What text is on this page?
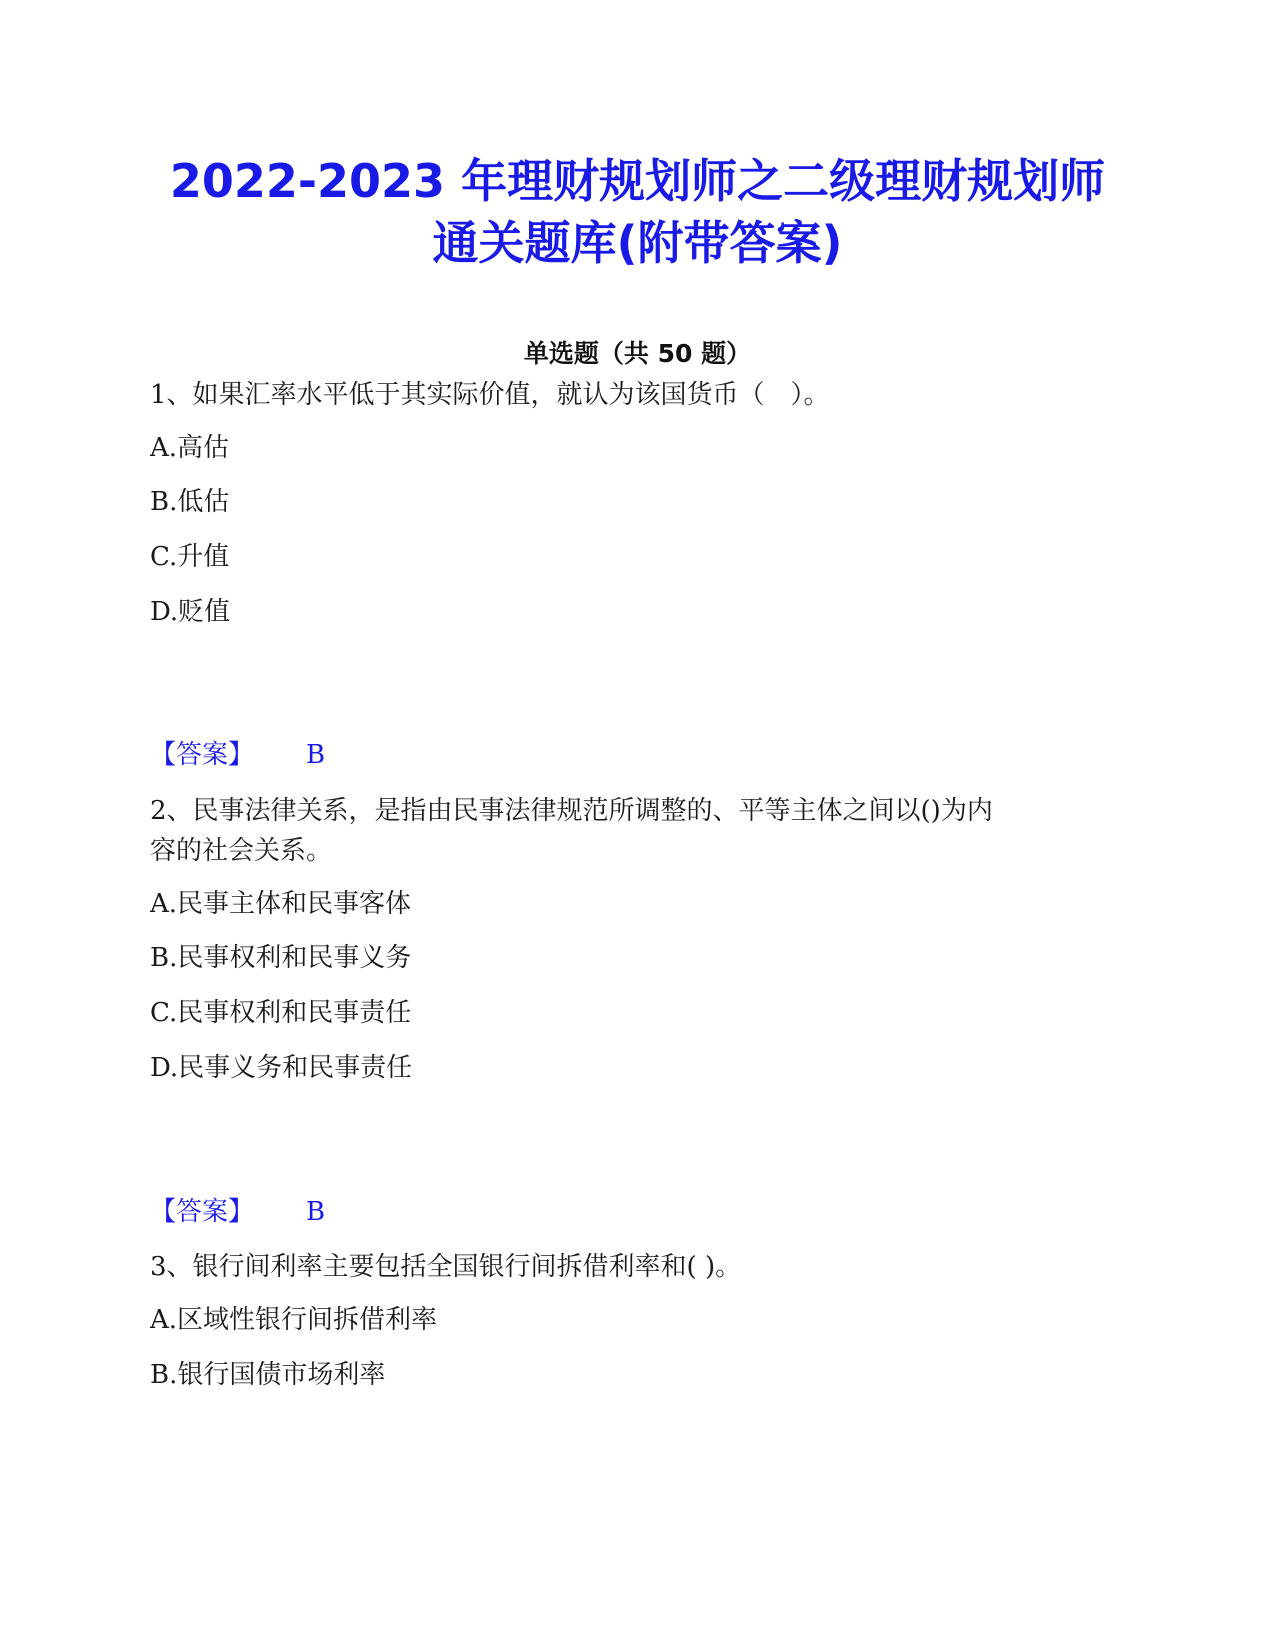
2022-2023 年理财规划师之二级理财规划师
通关题库(附带答案)
单选题（共 50 题）
1、如果汇率水平低于其实际价值，就认为该国货币（　）。
A.高估
B.低估
C.升值
D.贬值
【答案】 B
2、民事法律关系，是指由民事法律规范所调整的、平等主体之间以()为内
容的社会关系。
A.民事主体和民事客体
B.民事权利和民事义务
C.民事权利和民事责任
D.民事义务和民事责任
【答案】 B
3、银行间利率主要包括全国银行间拆借利率和( )。
A.区域性银行间拆借利率
B.银行国债市场利率
